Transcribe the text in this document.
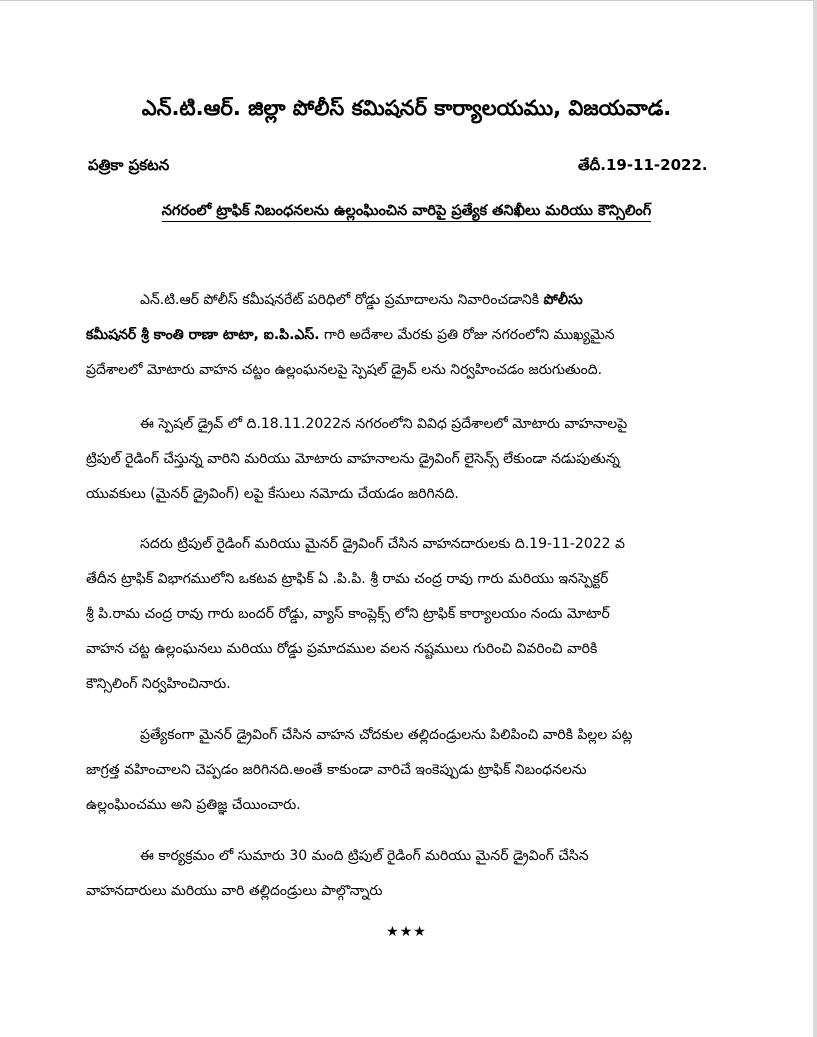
ఎన్.టి.ఆర్. జిల్లా పోలీస్ కమిషనర్ కార్యాలయము, విజయవాడ.
పత్రికా ప్రకటన	తేదీ.19-11-2022.
నగరంలో ట్రాఫిక్ నిబంధనలను ఉల్లంఘించిన వారిపై ప్రత్యేక తనిఖీలు మరియు కౌన్సిలింగ్
ఎన్.టి.ఆర్ పోలీస్ కమీషనరేట్ పరిధిలో రోడ్డు ప్రమాదాలను నివారించడానికి పోలీసు
కమీషనర్ శ్రీ కాంతి రాణా టాటా, ఐ.పి.ఎస్. గారి అదేశాల మేరకు ప్రతి రోజు నగరంలోని ముఖ్యమైన
ప్రదేశాలలో మోటారు వాహన చట్టం ఉల్లంఘనలపై స్పెషల్ డ్రైవ్ లను నిర్వహించడం జరుగుతుంది.
ఈ స్పెషల్ డ్రైవ్ లో ది.18.11.2022న నగరంలోని వివిధ ప్రదేశాలలో మోటారు వాహనాలపై
ట్రిపుల్ రైడింగ్ చేస్తున్న వారిని మరియు మోటారు వాహనాలను డ్రైవింగ్ లైసెన్స్ లేకుండా నడుపుతున్న
యువకులు (మైనర్ డ్రైవింగ్) లపై కేసులు నమోదు చేయడం జరిగినది.
సదరు ట్రిపుల్ రైడింగ్ మరియు మైనర్ డ్రైవింగ్ చేసిన వాహనదారులకు ది.19-11-2022 వ
తేదీన ట్రాఫిక్ విభాగములోని ఒకటవ ట్రాఫిక్ ఏ .పి.పి. శ్రీ రామ చంద్ర రావు గారు మరియు ఇనస్పెక్టర్
శ్రీ పి.రామ చంద్ర రావు గారు బందర్ రోడ్డు, వ్యాస్ కాంప్లెక్స్ లోని ట్రాఫిక్ కార్యాలయం నందు మోటార్
వాహన చట్ట ఉల్లంఘనలు మరియు రోడ్డు ప్రమాదముల వలన నష్టములు గురించి వివరించి వారికి
కౌన్సిలింగ్ నిర్వహించినారు.
ప్రత్యేకంగా మైనర్ డ్రైవింగ్ చేసిన వాహన చోదకుల తల్లిదండ్రులను పిలిపించి వారికి పిల్లల పట్ల
జాగ్రత్త వహించాలని చెప్పడం జరిగినది.అంతే కాకుండా వారిచే ఇంకెప్పుడు ట్రాఫిక్ నిబంధనలను
ఉల్లంఘించము అని ప్రతిజ్ఞ చేయించారు.
ఈ కార్యక్రమం లో సుమారు 30 మంది ట్రిపుల్ రైడింగ్ మరియు మైనర్ డ్రైవింగ్ చేసిన
వాహనదారులు మరియు వారి తల్లిదండ్రులు పాల్గొన్నారు
★★★
